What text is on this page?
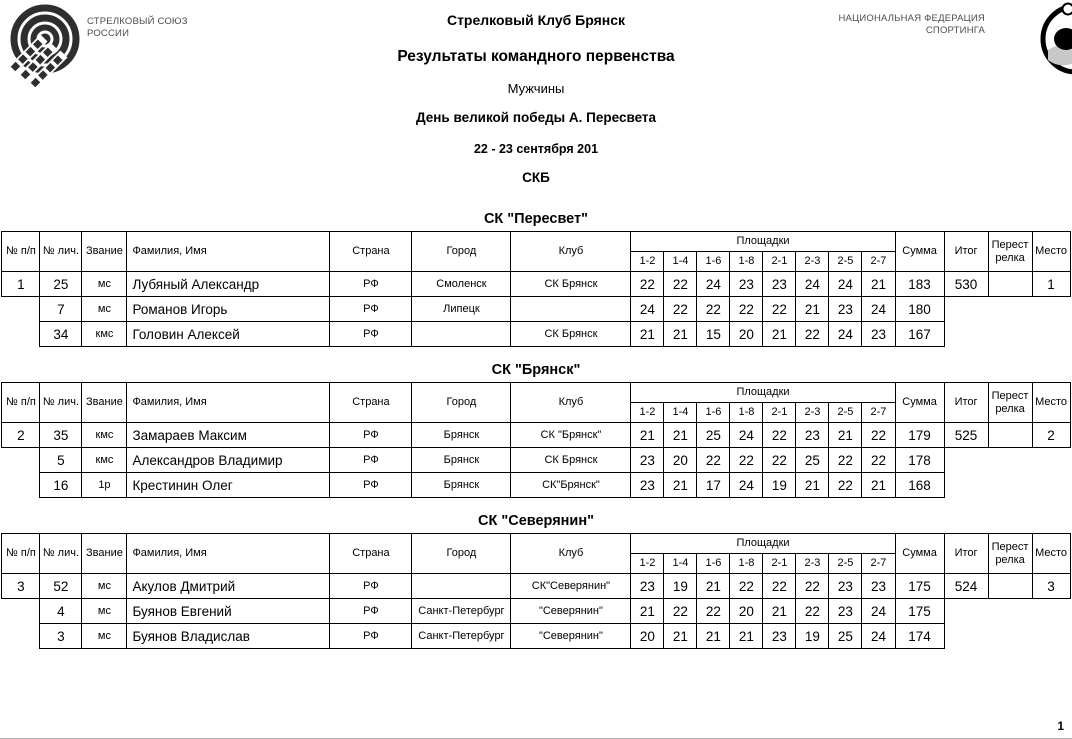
СТРЕЛКОВЫЙ СОЮЗ
РОССИИ
НАЦИОНАЛЬНАЯ ФЕДЕРАЦИЯ
СПОРТИНГА
Стрелковый Клуб Брянск
Результаты командного первенства
Мужчины
День великой победы А. Пересвета
22 - 23 сентября 201
СКБ
СК "Пересвет"
№ п/п	№ лич.	Звание	Фамилия, Имя	Страна	Город	Клуб	Площадки								Сумма	Итог	Перест релка	Место
							1-2	1-4	1-6	1-8	2-1	2-3	2-5	2-7				
1	25	мс	Лубяный Александр	РФ	Смоленск	СК Брянск	22	22	24	23	23	24	24	21	183	530		1
	7	мс	Романов Игорь	РФ	Липецк		24	22	22	22	22	21	23	24	180			
	34	кмс	Головин Алексей	РФ		СК Брянск	21	21	15	20	21	22	24	23	167			
СК "Брянск"
№ п/п	№ лич.	Звание	Фамилия, Имя	Страна	Город	Клуб	Площадки								Сумма	Итог	Перест релка	Место
							1-2	1-4	1-6	1-8	2-1	2-3	2-5	2-7				
2	35	кмс	Замараев Максим	РФ	Брянск	СК "Брянск"	21	21	25	24	22	23	21	22	179	525		2
	5	кмс	Александров Владимир	РФ	Брянск	СК Брянск	23	20	22	22	22	25	22	22	178			
	16	1р	Крестинин Олег	РФ	Брянск	СК"Брянск"	23	21	17	24	19	21	22	21	168			
СК "Северянин"
№ п/п	№ лич.	Звание	Фамилия, Имя	Страна	Город	Клуб	Площадки								Сумма	Итог	Перест релка	Место
							1-2	1-4	1-6	1-8	2-1	2-3	2-5	2-7				
3	52	мс	Акулов Дмитрий	РФ		СК"Северянин"	23	19	21	22	22	22	23	23	175	524		3
	4	мс	Буянов Евгений	РФ	Санкт-Петербург	"Северянин"	21	22	22	20	21	22	23	24	175			
	3	мс	Буянов Владислав	РФ	Санкт-Петербург	"Северянин"	20	21	21	21	23	19	25	24	174			
1
